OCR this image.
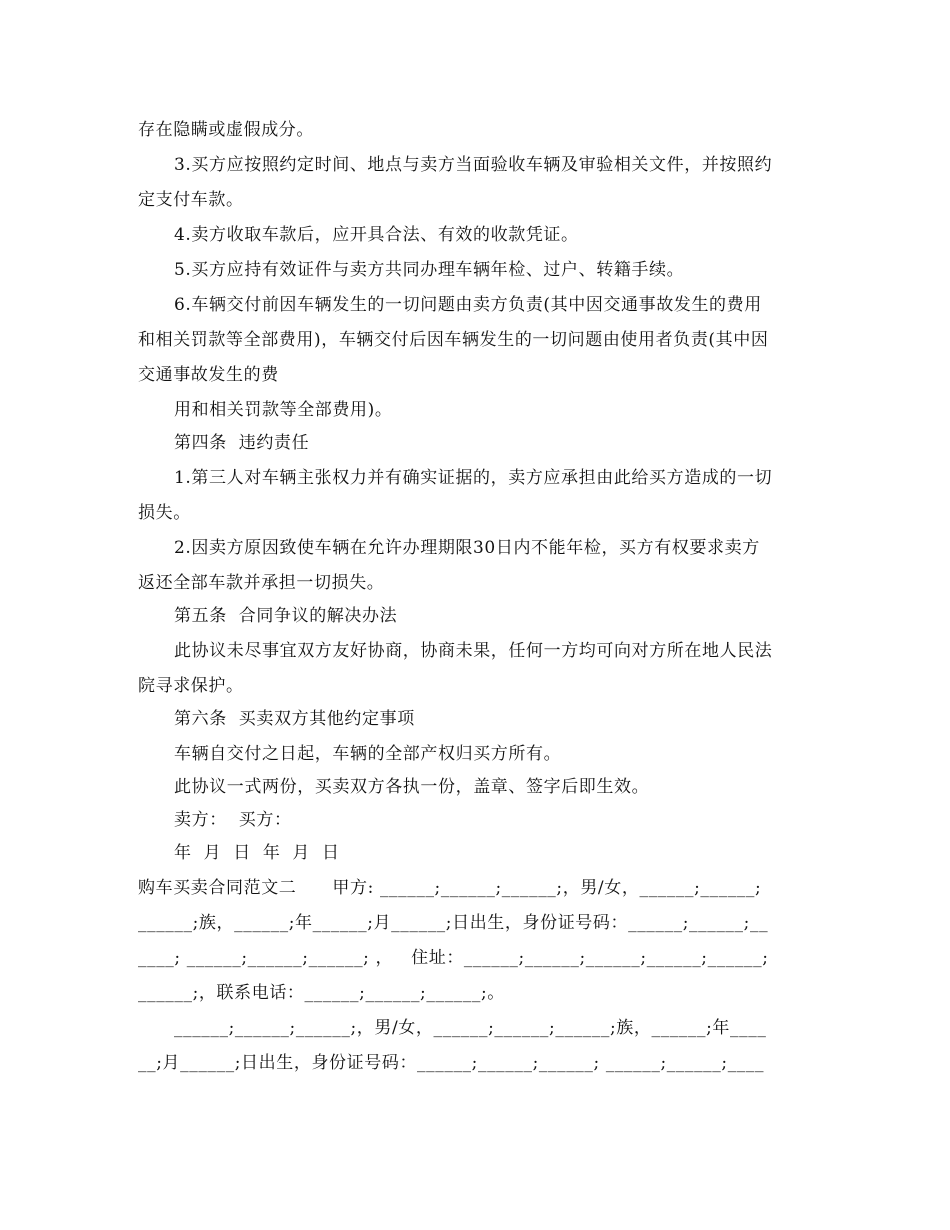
存在隐瞒或虚假成分。
3.买方应按照约定时间、地点与卖方当面验收车辆及审验相关文件，并按照约
定支付车款。
4.卖方收取车款后，应开具合法、有效的收款凭证。
5.买方应持有效证件与卖方共同办理车辆年检、过户、转籍手续。
6.车辆交付前因车辆发生的一切问题由卖方负责(其中因交通事故发生的费用
和相关罚款等全部费用)，车辆交付后因车辆发生的一切问题由使用者负责(其中因
交通事故发生的费
用和相关罚款等全部费用)。
第四条  违约责任
1.第三人对车辆主张权力并有确实证据的，卖方应承担由此给买方造成的一切
损失。
2.因卖方原因致使车辆在允许办理期限30日内不能年检，买方有权要求卖方
返还全部车款并承担一切损失。
第五条  合同争议的解决办法
此协议未尽事宜双方友好协商，协商未果，任何一方均可向对方所在地人民法
院寻求保护。
第六条  买卖双方其他约定事项
车辆自交付之日起，车辆的全部产权归买方所有。
此协议一式两份，买卖双方各执一份，盖章、签字后即生效。
卖方：  买方：
年  月  日  年  月  日
购车买卖合同范文二      甲方: ______;______;______;，男/女，______;______;
______;族，______;年______;月______;日出生，身份证号码：______;______;__
____; ______;______;______; ，   住址：______;______;______;______;______;
______;，联系电话：______;______;______;。
______;______;______;，男/女，______;______;______;族，______;年____
__;月______;日出生，身份证号码：______;______;______; ______;______;____
